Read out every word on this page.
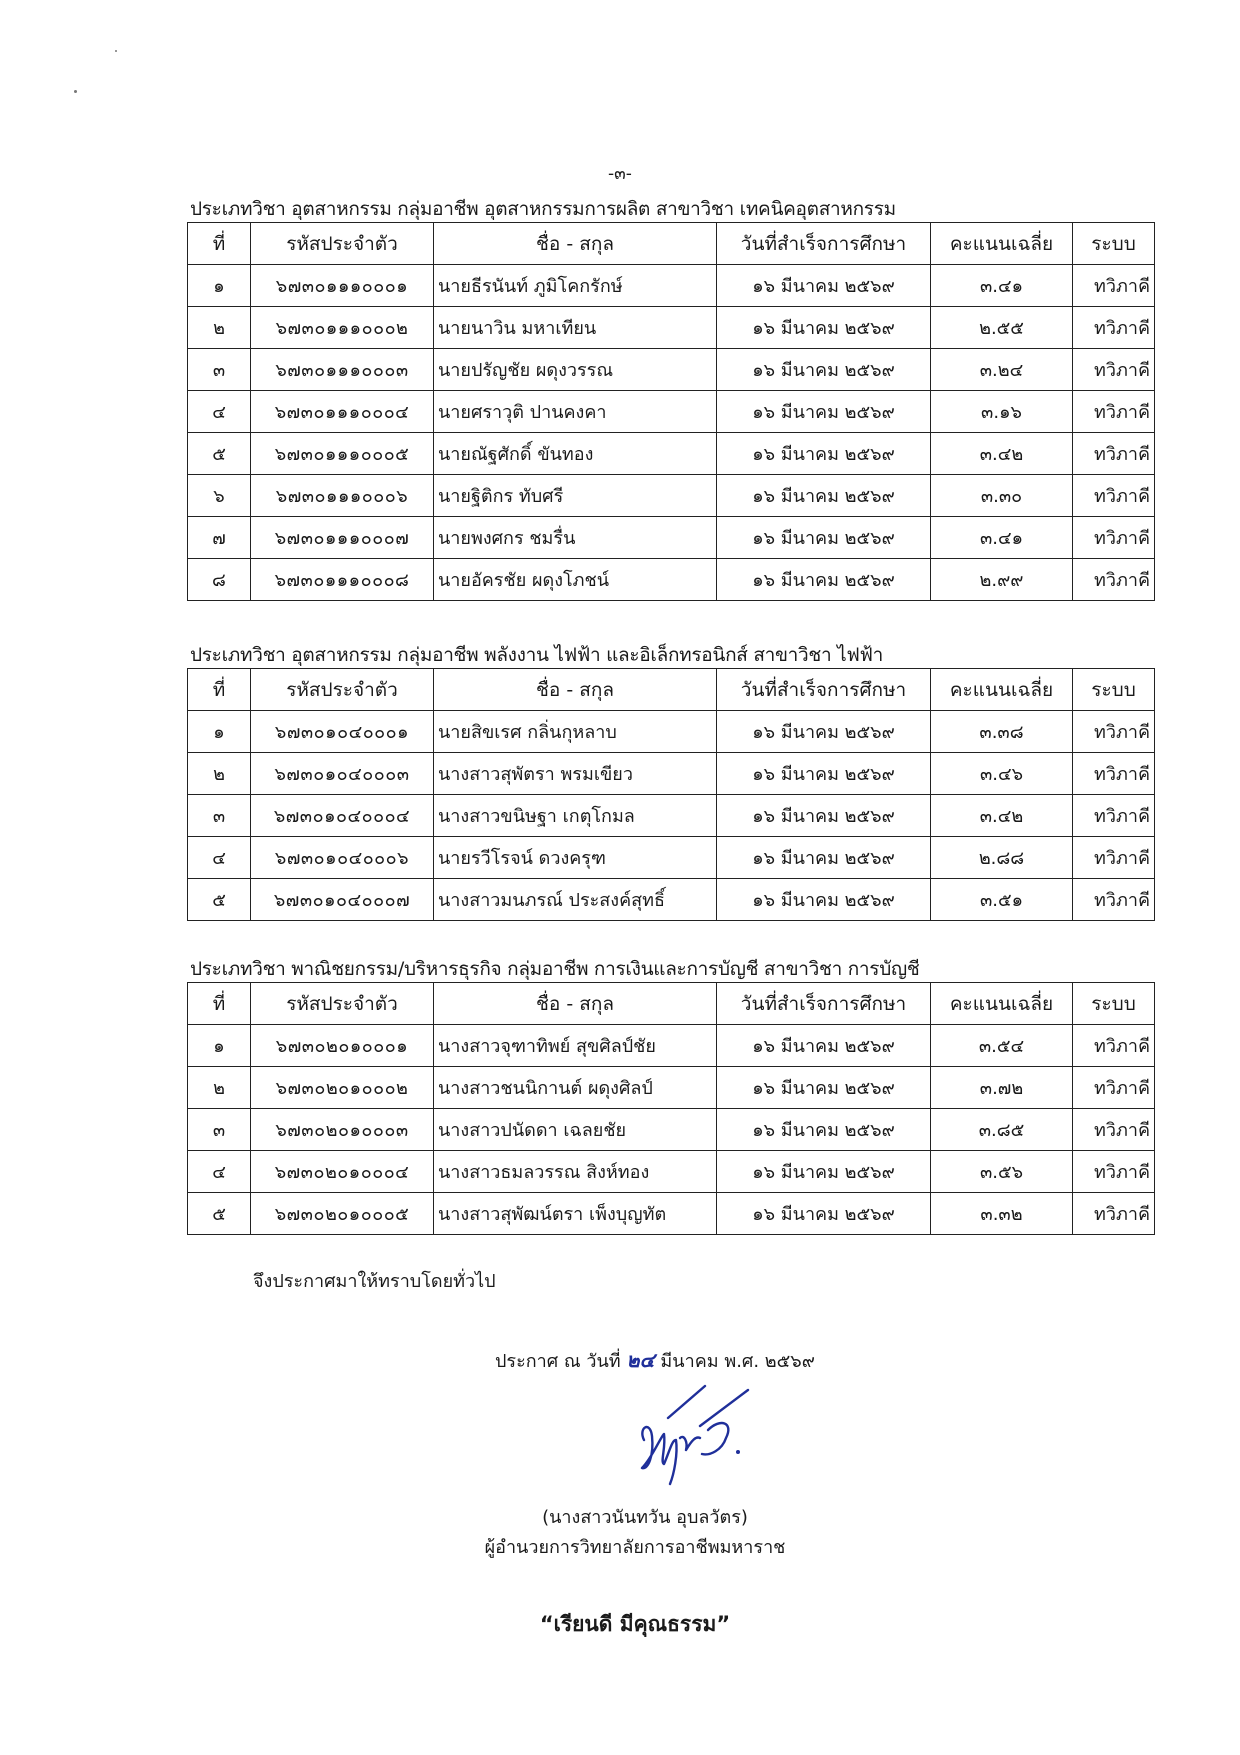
-๓-
ประเภทวิชา อุตสาหกรรม กลุ่มอาชีพ อุตสาหกรรมการผลิต สาขาวิชา เทคนิคอุตสาหกรรม
ที่	รหัสประจำตัว	ชื่อ - สกุล	วันที่สำเร็จการศึกษา	คะแนนเฉลี่ย	ระบบ
๑	๖๗๓๐๑๑๑๐๐๐๑	นายธีรนันท์ ภูมิโคกรักษ์	๑๖ มีนาคม ๒๕๖๙	๓.๔๑	ทวิภาคี
๒	๖๗๓๐๑๑๑๐๐๐๒	นายนาวิน มหาเทียน	๑๖ มีนาคม ๒๕๖๙	๒.๕๕	ทวิภาคี
๓	๖๗๓๐๑๑๑๐๐๐๓	นายปรัญชัย ผดุงวรรณ	๑๖ มีนาคม ๒๕๖๙	๓.๒๔	ทวิภาคี
๔	๖๗๓๐๑๑๑๐๐๐๔	นายศราวุติ ปานคงคา	๑๖ มีนาคม ๒๕๖๙	๓.๑๖	ทวิภาคี
๕	๖๗๓๐๑๑๑๐๐๐๕	นายณัฐศักดิ์ ขันทอง	๑๖ มีนาคม ๒๕๖๙	๓.๔๒	ทวิภาคี
๖	๖๗๓๐๑๑๑๐๐๐๖	นายฐิติกร ทับศรี	๑๖ มีนาคม ๒๕๖๙	๓.๓๐	ทวิภาคี
๗	๖๗๓๐๑๑๑๐๐๐๗	นายพงศกร ชมรื่น	๑๖ มีนาคม ๒๕๖๙	๓.๔๑	ทวิภาคี
๘	๖๗๓๐๑๑๑๐๐๐๘	นายอัครชัย ผดุงโภชน์	๑๖ มีนาคม ๒๕๖๙	๒.๙๙	ทวิภาคี
ประเภทวิชา อุตสาหกรรม กลุ่มอาชีพ พลังงาน ไฟฟ้า และอิเล็กทรอนิกส์ สาขาวิชา ไฟฟ้า
ที่	รหัสประจำตัว	ชื่อ - สกุล	วันที่สำเร็จการศึกษา	คะแนนเฉลี่ย	ระบบ
๑	๖๗๓๐๑๐๔๐๐๐๑	นายสิขเรศ กลิ่นกุหลาบ	๑๖ มีนาคม ๒๕๖๙	๓.๓๘	ทวิภาคี
๒	๖๗๓๐๑๐๔๐๐๐๓	นางสาวสุพัตรา พรมเขียว	๑๖ มีนาคม ๒๕๖๙	๓.๔๖	ทวิภาคี
๓	๖๗๓๐๑๐๔๐๐๐๔	นางสาวขนิษฐา เกตุโกมล	๑๖ มีนาคม ๒๕๖๙	๓.๔๒	ทวิภาคี
๔	๖๗๓๐๑๐๔๐๐๐๖	นายรวีโรจน์ ดวงครุฑ	๑๖ มีนาคม ๒๕๖๙	๒.๘๘	ทวิภาคี
๕	๖๗๓๐๑๐๔๐๐๐๗	นางสาวมนภรณ์ ประสงค์สุทธิ์	๑๖ มีนาคม ๒๕๖๙	๓.๕๑	ทวิภาคี
ประเภทวิชา พาณิชยกรรม/บริหารธุรกิจ กลุ่มอาชีพ การเงินและการบัญชี สาขาวิชา การบัญชี
ที่	รหัสประจำตัว	ชื่อ - สกุล	วันที่สำเร็จการศึกษา	คะแนนเฉลี่ย	ระบบ
๑	๖๗๓๐๒๐๑๐๐๐๑	นางสาวจุฑาทิพย์ สุขศิลป์ชัย	๑๖ มีนาคม ๒๕๖๙	๓.๕๔	ทวิภาคี
๒	๖๗๓๐๒๐๑๐๐๐๒	นางสาวชนนิกานต์ ผดุงศิลป์	๑๖ มีนาคม ๒๕๖๙	๓.๗๒	ทวิภาคี
๓	๖๗๓๐๒๐๑๐๐๐๓	นางสาวปนัดดา เฉลยชัย	๑๖ มีนาคม ๒๕๖๙	๓.๘๕	ทวิภาคี
๔	๖๗๓๐๒๐๑๐๐๐๔	นางสาวธมลวรรณ สิงห์ทอง	๑๖ มีนาคม ๒๕๖๙	๓.๕๖	ทวิภาคี
๕	๖๗๓๐๒๐๑๐๐๐๕	นางสาวสุพัฒน์ตรา เพ็งบุญทัต	๑๖ มีนาคม ๒๕๖๙	๓.๓๒	ทวิภาคี
จึงประกาศมาให้ทราบโดยทั่วไป
ประกาศ ณ วันที่ ๒๔ มีนาคม พ.ศ. ๒๕๖๙
(นางสาวนันทวัน อุบลวัตร)
ผู้อำนวยการวิทยาลัยการอาชีพมหาราช
“เรียนดี มีคุณธรรม”
